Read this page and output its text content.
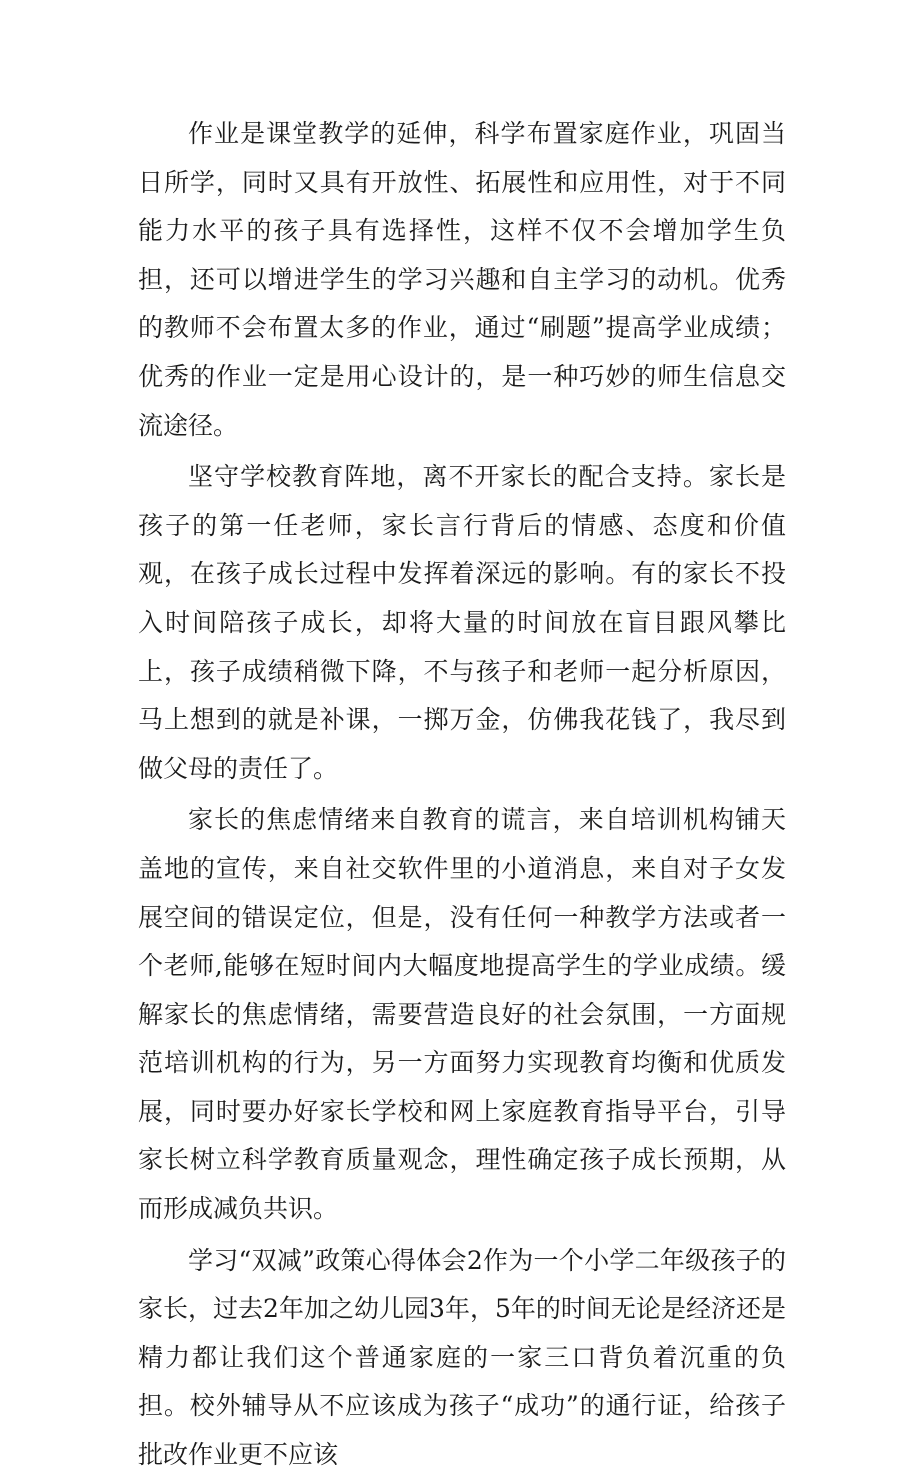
作业是课堂教学的延伸，科学布置家庭作业，巩固当日所学，同时又具有开放性、拓展性和应用性，对于不同能力水平的孩子具有选择性，这样不仅不会增加学生负担，还可以增进学生的学习兴趣和自主学习的动机。优秀的教师不会布置太多的作业，通过“刷题”提高学业成绩；优秀的作业一定是用心设计的，是一种巧妙的师生信息交流途径。

坚守学校教育阵地，离不开家长的配合支持。家长是孩子的第一任老师，家长言行背后的情感、态度和价值观，在孩子成长过程中发挥着深远的影响。有的家长不投入时间陪孩子成长，却将大量的时间放在盲目跟风攀比上，孩子成绩稍微下降，不与孩子和老师一起分析原因，马上想到的就是补课，一掷万金，仿佛我花钱了，我尽到做父母的责任了。

家长的焦虑情绪来自教育的谎言，来自培训机构铺天盖地的宣传，来自社交软件里的小道消息，来自对子女发展空间的错误定位，但是，没有任何一种教学方法或者一个老师,能够在短时间内大幅度地提高学生的学业成绩。缓解家长的焦虑情绪，需要营造良好的社会氛围，一方面规范培训机构的行为，另一方面努力实现教育均衡和优质发展，同时要办好家长学校和网上家庭教育指导平台，引导家长树立科学教育质量观念，理性确定孩子成长预期，从而形成减负共识。

学习“双减”政策心得体会2作为一个小学二年级孩子的家长，过去2年加之幼儿园3年，5年的时间无论是经济还是精力都让我们这个普通家庭的一家三口背负着沉重的负担。校外辅导从不应该成为孩子“成功”的通行证，给孩子批改作业更不应该
